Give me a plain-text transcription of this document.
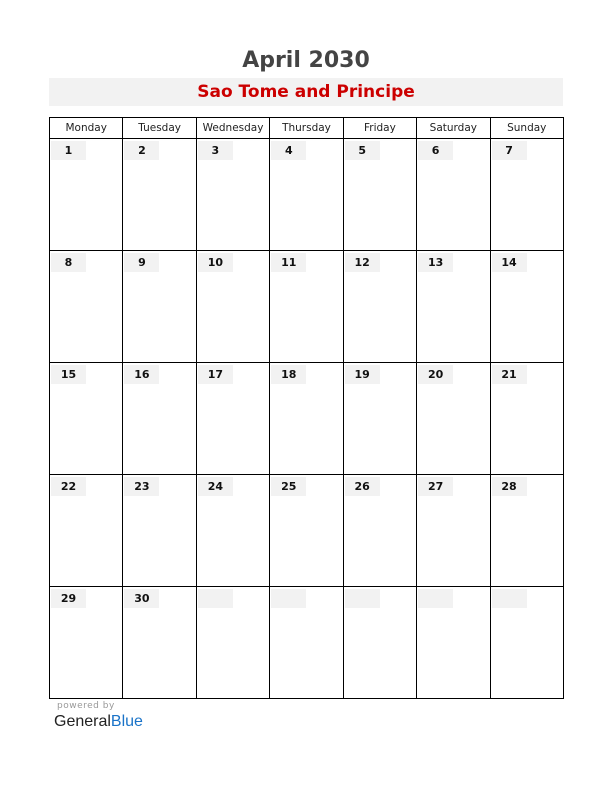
April 2030
Sao Tome and Principe
Monday	Tuesday	Wednesday	Thursday	Friday	Saturday	Sunday

1	2	3	4	5	6	7

8	9	10	11	12	13	14

15	16	17	18	19	20	21

22	23	24	25	26	27	28

29	30					

powered by
GeneralBlue
